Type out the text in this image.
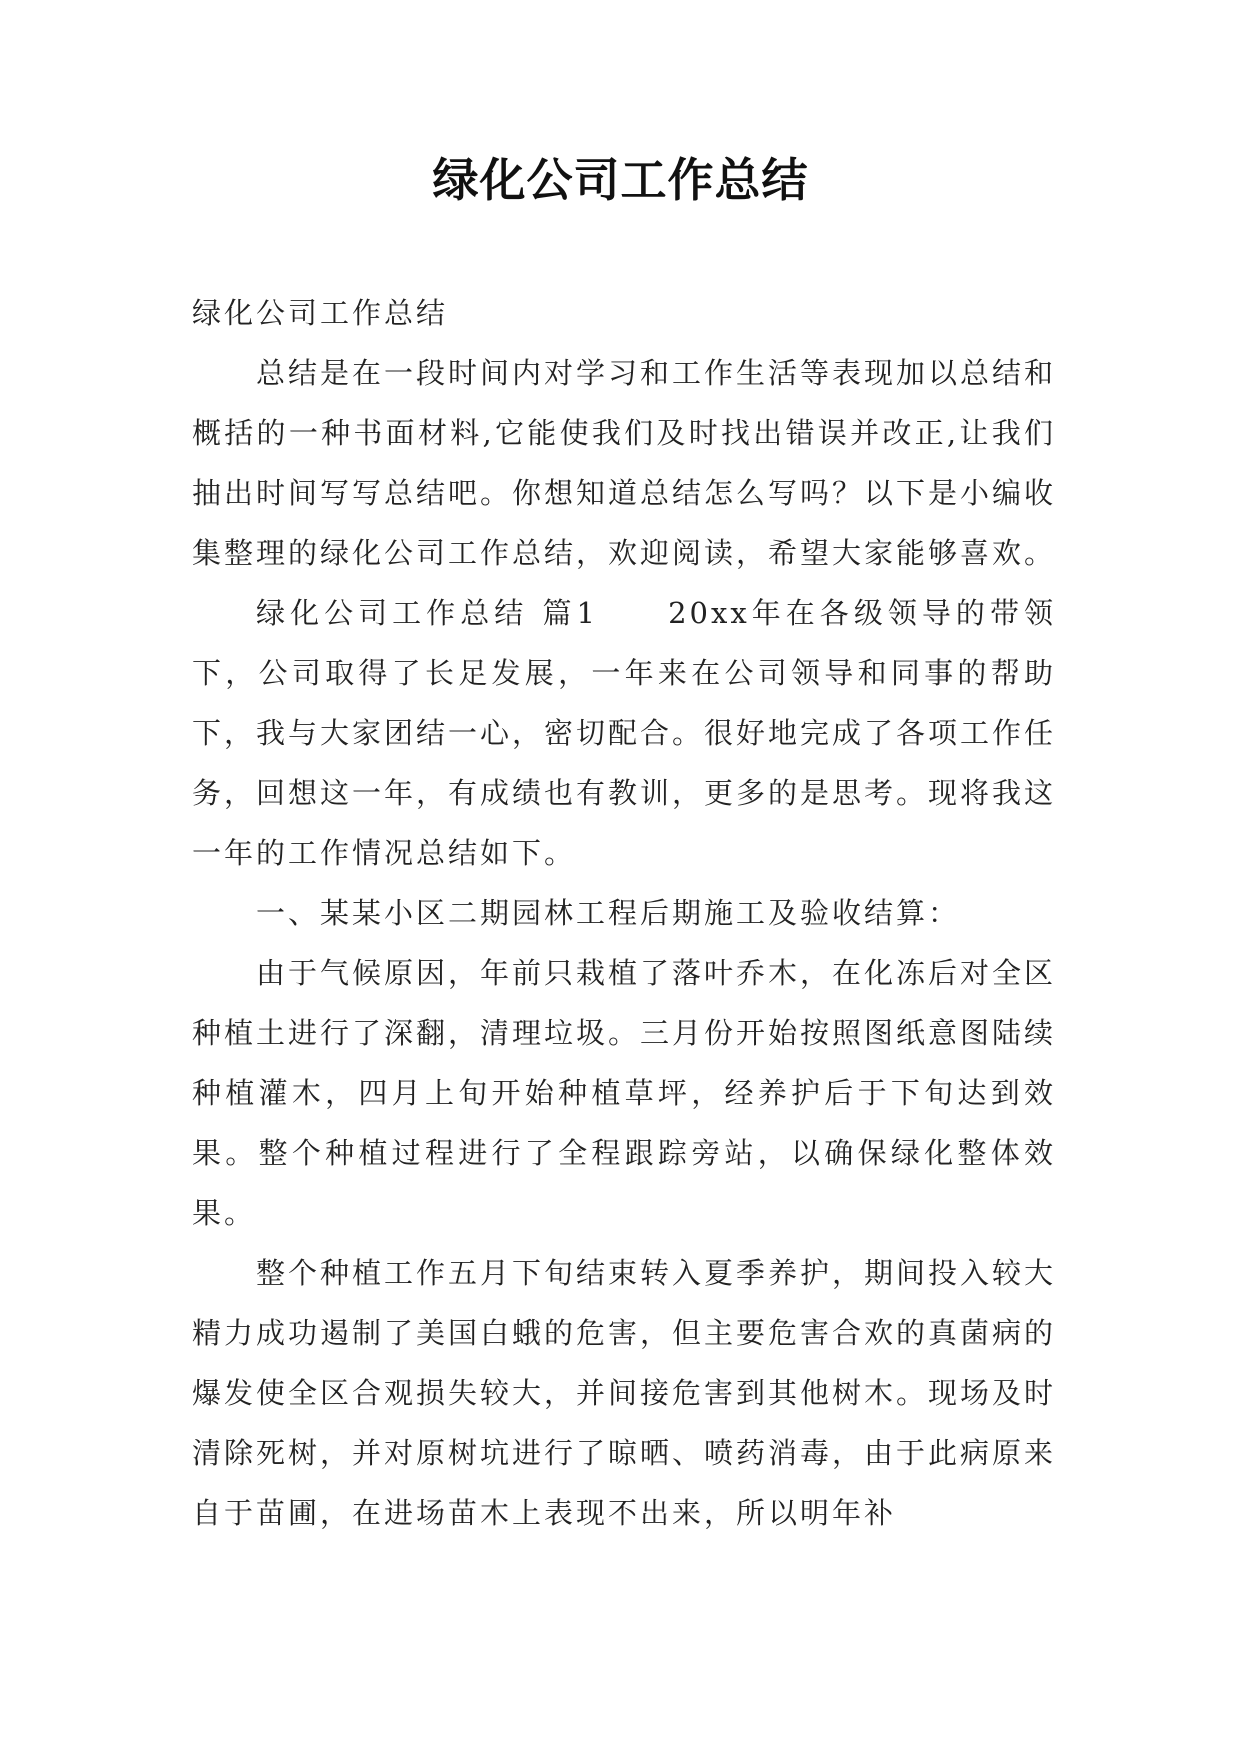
绿化公司工作总结

绿化公司工作总结

总结是在一段时间内对学习和工作生活等表现加以总结和概括的一种书面材料,它能使我们及时找出错误并改正,让我们抽出时间写写总结吧。你想知道总结怎么写吗？以下是小编收集整理的绿化公司工作总结，欢迎阅读，希望大家能够喜欢。

绿化公司工作总结 篇1　　20xx年在各级领导的带领下，公司取得了长足发展，一年来在公司领导和同事的帮助下，我与大家团结一心，密切配合。很好地完成了各项工作任务，回想这一年，有成绩也有教训，更多的是思考。现将我这一年的工作情况总结如下。

一、某某小区二期园林工程后期施工及验收结算：

由于气候原因，年前只栽植了落叶乔木，在化冻后对全区种植土进行了深翻，清理垃圾。三月份开始按照图纸意图陆续种植灌木，四月上旬开始种植草坪，经养护后于下旬达到效果。整个种植过程进行了全程跟踪旁站，以确保绿化整体效果。

整个种植工作五月下旬结束转入夏季养护，期间投入较大精力成功遏制了美国白蛾的危害，但主要危害合欢的真菌病的爆发使全区合观损失较大，并间接危害到其他树木。现场及时清除死树，并对原树坑进行了晾晒、喷药消毒，由于此病原来自于苗圃，在进场苗木上表现不出来，所以明年补
